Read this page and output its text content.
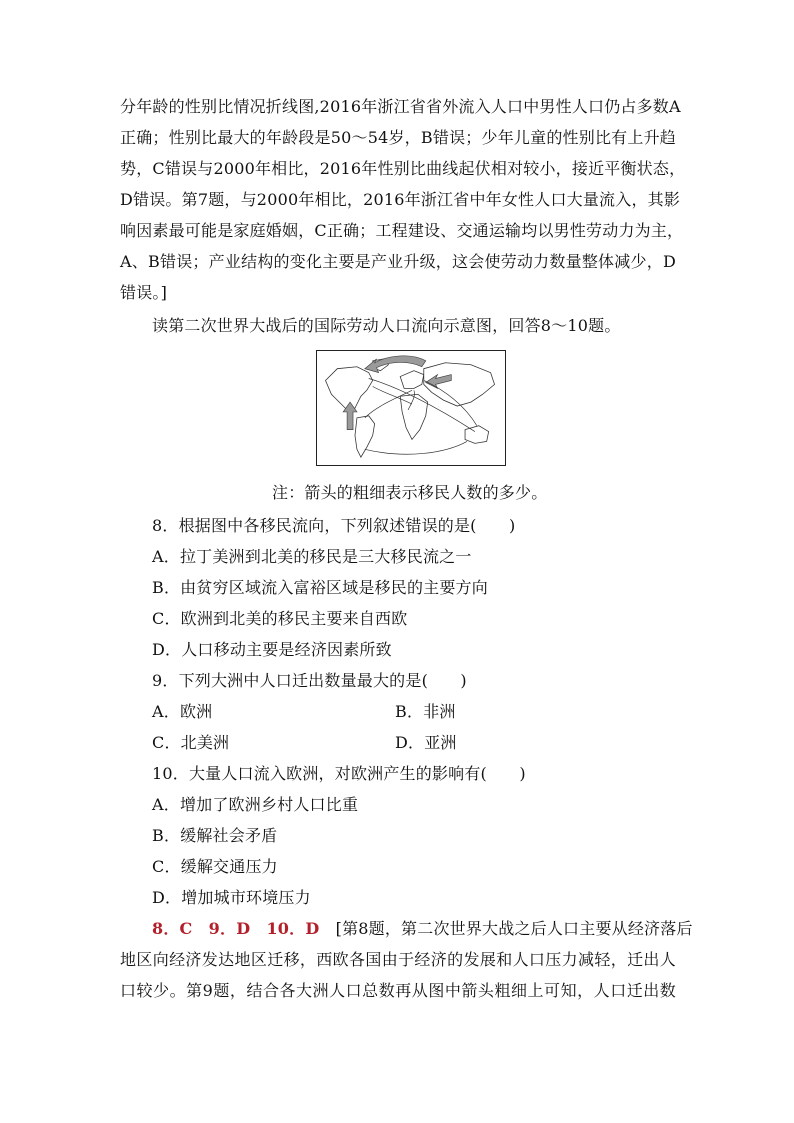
分年龄的性别比情况折线图,2016年浙江省省外流入人口中男性人口仍占多数A
正确；性别比最大的年龄段是50～54岁，B错误；少年儿童的性别比有上升趋
势，C错误与2000年相比，2016年性别比曲线起伏相对较小，接近平衡状态，
D错误。第7题，与2000年相比，2016年浙江省中年女性人口大量流入，其影
响因素最可能是家庭婚姻，C正确；工程建设、交通运输均以男性劳动力为主，
A、B错误；产业结构的变化主要是产业升级，这会使劳动力数量整体减少，D
错误。]
读第二次世界大战后的国际劳动人口流向示意图，回答8～10题。
注：箭头的粗细表示移民人数的多少。
8．根据图中各移民流向，下列叙述错误的是(　　)
A．拉丁美洲到北美的移民是三大移民流之一
B．由贫穷区域流入富裕区域是移民的主要方向
C．欧洲到北美的移民主要来自西欧
D．人口移动主要是经济因素所致
9．下列大洲中人口迁出数量最大的是(　　)
A．欧洲	B．非洲
C．北美洲	D．亚洲
10．大量人口流入欧洲，对欧洲产生的影响有(　　)
A．增加了欧洲乡村人口比重
B．缓解社会矛盾
C．缓解交通压力
D．增加城市环境压力
8．C　9．D　10．D　[第8题，第二次世界大战之后人口主要从经济落后
地区向经济发达地区迁移，西欧各国由于经济的发展和人口压力减轻，迁出人
口较少。第9题，结合各大洲人口总数再从图中箭头粗细上可知，人口迁出数
